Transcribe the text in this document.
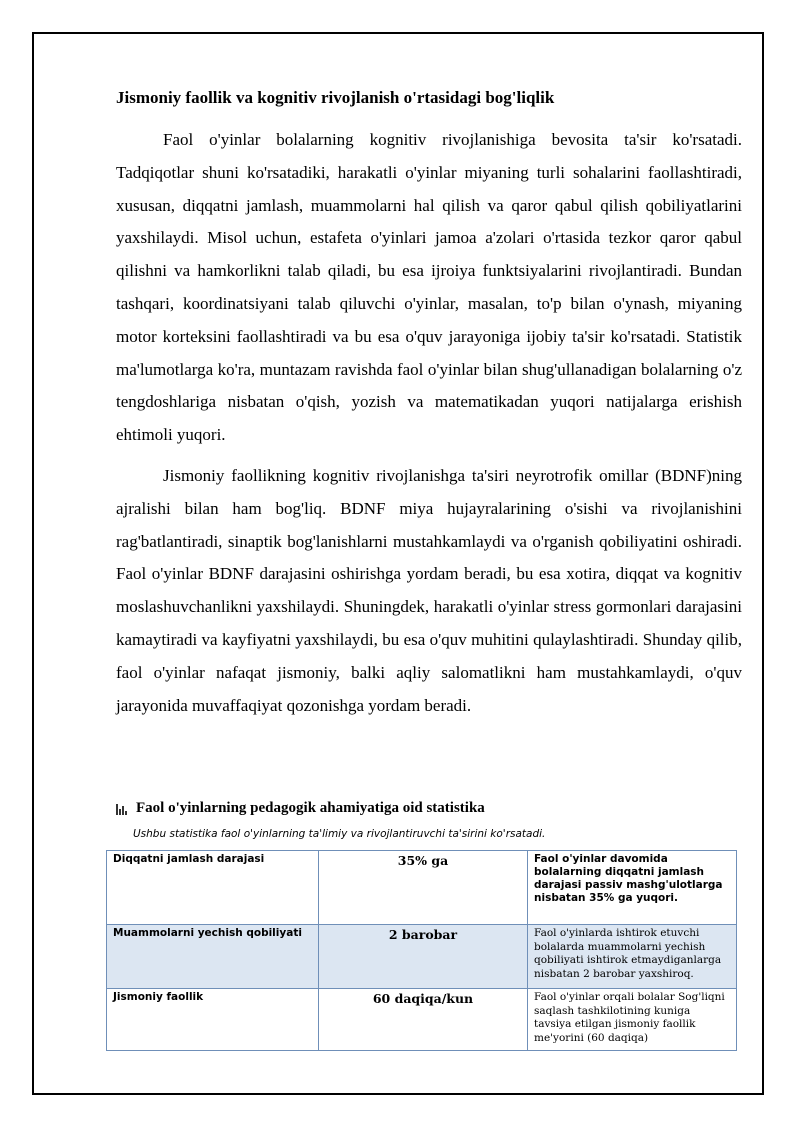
Jismoniy faollik va kognitiv rivojlanish o'rtasidagi bog'liqlik

Faol o'yinlar bolalarning kognitiv rivojlanishiga bevosita ta'sir ko'rsatadi. Tadqiqotlar shuni ko'rsatadiki, harakatli o'yinlar miyaning turli sohalarini faollashtiradi, xususan, diqqatni jamlash, muammolarni hal qilish va qaror qabul qilish qobiliyatlarini yaxshilaydi. Misol uchun, estafeta o'yinlari jamoa a'zolari o'rtasida tezkor qaror qabul qilishni va hamkorlikni talab qiladi, bu esa ijroiya funktsiyalarini rivojlantiradi. Bundan tashqari, koordinatsiyani talab qiluvchi o'yinlar, masalan, to'p bilan o'ynash, miyaning motor korteksini faollashtiradi va bu esa o'quv jarayoniga ijobiy ta'sir ko'rsatadi. Statistik ma'lumotlarga ko'ra, muntazam ravishda faol o'yinlar bilan shug'ullanadigan bolalarning o'z tengdoshlariga nisbatan o'qish, yozish va matematikadan yuqori natijalarga erishish ehtimoli yuqori.

Jismoniy faollikning kognitiv rivojlanishga ta'siri neyrotrofik omillar (BDNF)ning ajralishi bilan ham bog'liq. BDNF miya hujayralarining o'sishi va rivojlanishini rag'batlantiradi, sinaptik bog'lanishlarni mustahkamlaydi va o'rganish qobiliyatini oshiradi. Faol o'yinlar BDNF darajasini oshirishga yordam beradi, bu esa xotira, diqqat va kognitiv moslashuvchanlikni yaxshilaydi. Shuningdek, harakatli o'yinlar stress gormonlari darajasini kamaytiradi va kayfiyatni yaxshilaydi, bu esa o'quv muhitini qulaylashtiradi. Shunday qilib, faol o'yinlar nafaqat jismoniy, balki aqliy salomatlikni ham mustahkamlaydi, o'quv jarayonida muvaffaqiyat qozonishga yordam beradi.

Faol o'yinlarning pedagogik ahamiyatiga oid statistika
Ushbu statistika faol o'yinlarning ta'limiy va rivojlantiruvchi ta'sirini ko'rsatadi.
Diqqatni jamlash darajasi	35% ga	Faol o'yinlar davomida bolalarning diqqatni jamlash darajasi passiv mashg'ulotlarga nisbatan 35% ga yuqori.
Muammolarni yechish qobiliyati	2 barobar	Faol o'yinlarda ishtirok etuvchi bolalarda muammolarni yechish qobiliyati ishtirok etmaydiganlarga nisbatan 2 barobar yaxshiroq.
Jismoniy faollik	60 daqiqa/kun	Faol o'yinlar orqali bolalar Sog'liqni saqlash tashkilotining kuniga tavsiya etilgan jismoniy faollik me'yorini (60 daqiqa)
